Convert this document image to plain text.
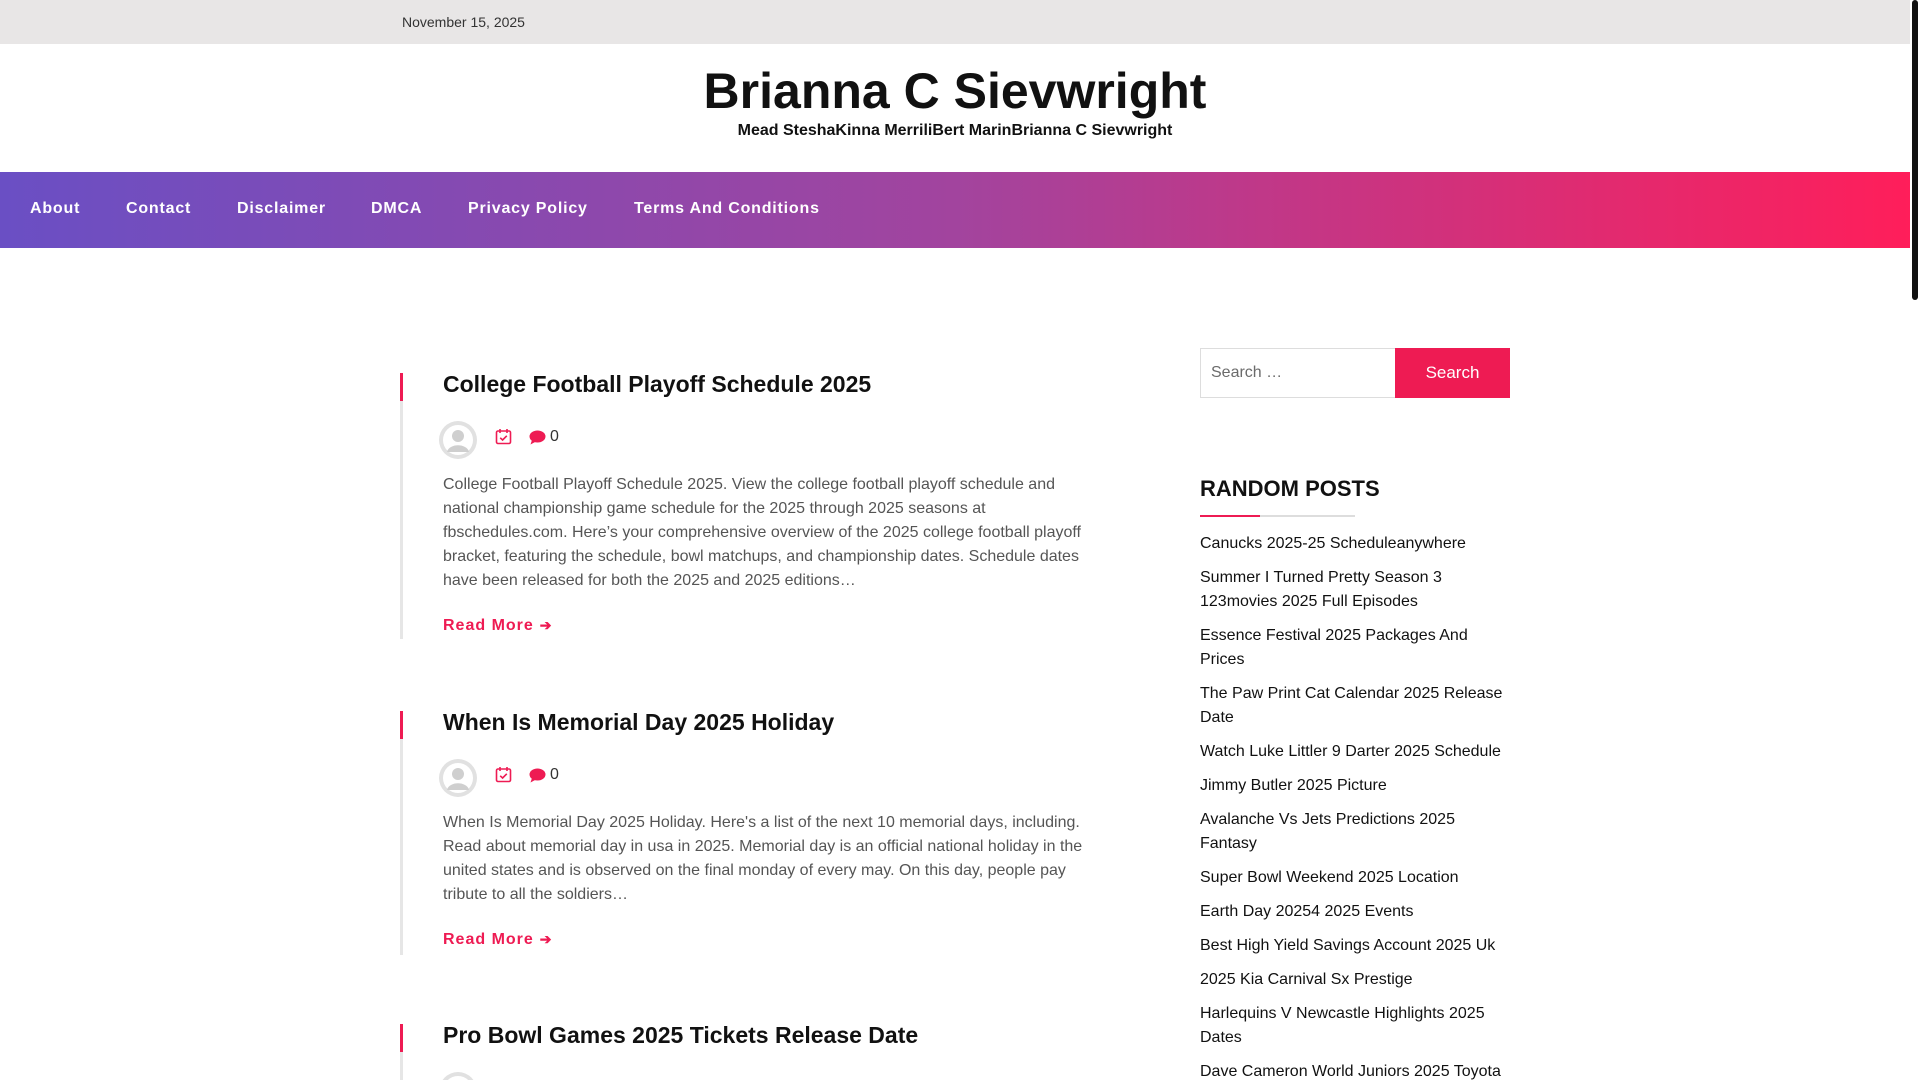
November 15, 2025
Brianna C Sievwright
Mead SteshaKinna MerriliBert MarinBrianna C Sievwright
About	Contact	Disclaimer	DMCA	Privacy Policy	Terms And Conditions
College Football Playoff Schedule 2025
0

College Football Playoff Schedule 2025. View the college football playoff schedule and national championship game schedule for the 2025 through 2025 seasons at fbschedules.com. Here’s your comprehensive overview of the 2025 college football playoff bracket, featuring the schedule, bowl matchups, and championship dates. Schedule dates have been released for both the 2025 and 2025 editions…

Read More ➔
When Is Memorial Day 2025 Holiday
0

When Is Memorial Day 2025 Holiday. Here's a list of the next 10 memorial days, including. Read about memorial day in usa in 2025. Memorial day is an official national holiday in the united states and is observed on the final monday of every may. On this day, people pay tribute to all the soldiers…

Read More ➔
Pro Bowl Games 2025 Tickets Release Date
Search …
Search
RANDOM POSTS
Canucks 2025-25 Scheduleanywhere
Summer I Turned Pretty Season 3 123movies 2025 Full Episodes
Essence Festival 2025 Packages And Prices
The Paw Print Cat Calendar 2025 Release Date
Watch Luke Littler 9 Darter 2025 Schedule
Jimmy Butler 2025 Picture
Avalanche Vs Jets Predictions 2025 Fantasy
Super Bowl Weekend 2025 Location
Earth Day 20254 2025 Events
Best High Yield Savings Account 2025 Uk
2025 Kia Carnival Sx Prestige
Harlequins V Newcastle Highlights 2025 Dates
Dave Cameron World Juniors 2025 Toyota
